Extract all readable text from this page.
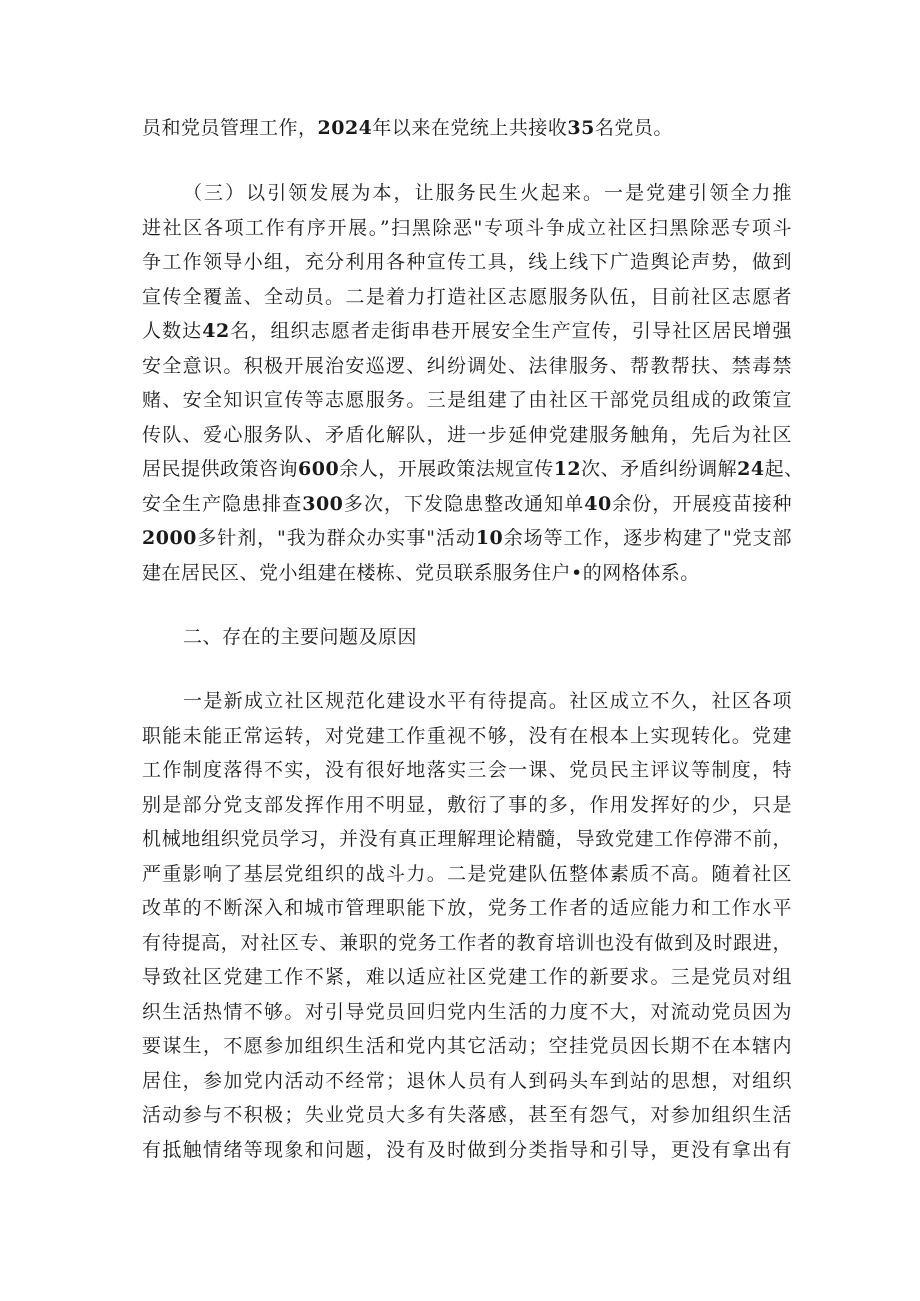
员和党员管理工作，2024年以来在党统上共接收35名党员。
（三）以引领发展为本，让服务民生火起来。一是党建引领全力推
进社区各项工作有序开展。”扫黑除恶"专项斗争成立社区扫黑除恶专项斗
争工作领导小组，充分利用各种宣传工具，线上线下广造舆论声势，做到
宣传全覆盖、全动员。二是着力打造社区志愿服务队伍，目前社区志愿者
人数达42名，组织志愿者走街串巷开展安全生产宣传，引导社区居民增强
安全意识。积极开展治安巡逻、纠纷调处、法律服务、帮教帮扶、禁毒禁
赌、安全知识宣传等志愿服务。三是组建了由社区干部党员组成的政策宣
传队、爱心服务队、矛盾化解队，进一步延伸党建服务触角，先后为社区
居民提供政策咨询600余人，开展政策法规宣传12次、矛盾纠纷调解24起、
安全生产隐患排查300多次，下发隐患整改通知单40余份，开展疫苗接种
2000多针剂，"我为群众办实事"活动10余场等工作，逐步构建了"党支部
建在居民区、党小组建在楼栋、党员联系服务住户•的网格体系。
二、存在的主要问题及原因
一是新成立社区规范化建设水平有待提高。社区成立不久，社区各项
职能未能正常运转，对党建工作重视不够，没有在根本上实现转化。党建
工作制度落得不实，没有很好地落实三会一课、党员民主评议等制度，特
别是部分党支部发挥作用不明显，敷衍了事的多，作用发挥好的少，只是
机械地组织党员学习，并没有真正理解理论精髓，导致党建工作停滞不前，
严重影响了基层党组织的战斗力。二是党建队伍整体素质不高。随着社区
改革的不断深入和城市管理职能下放，党务工作者的适应能力和工作水平
有待提高，对社区专、兼职的党务工作者的教育培训也没有做到及时跟进，
导致社区党建工作不紧，难以适应社区党建工作的新要求。三是党员对组
织生活热情不够。对引导党员回归党内生活的力度不大，对流动党员因为
要谋生，不愿参加组织生活和党内其它活动；空挂党员因长期不在本辖内
居住，参加党内活动不经常；退休人员有人到码头车到站的思想，对组织
活动参与不积极；失业党员大多有失落感，甚至有怨气，对参加组织生活
有抵触情绪等现象和问题，没有及时做到分类指导和引导，更没有拿出有
